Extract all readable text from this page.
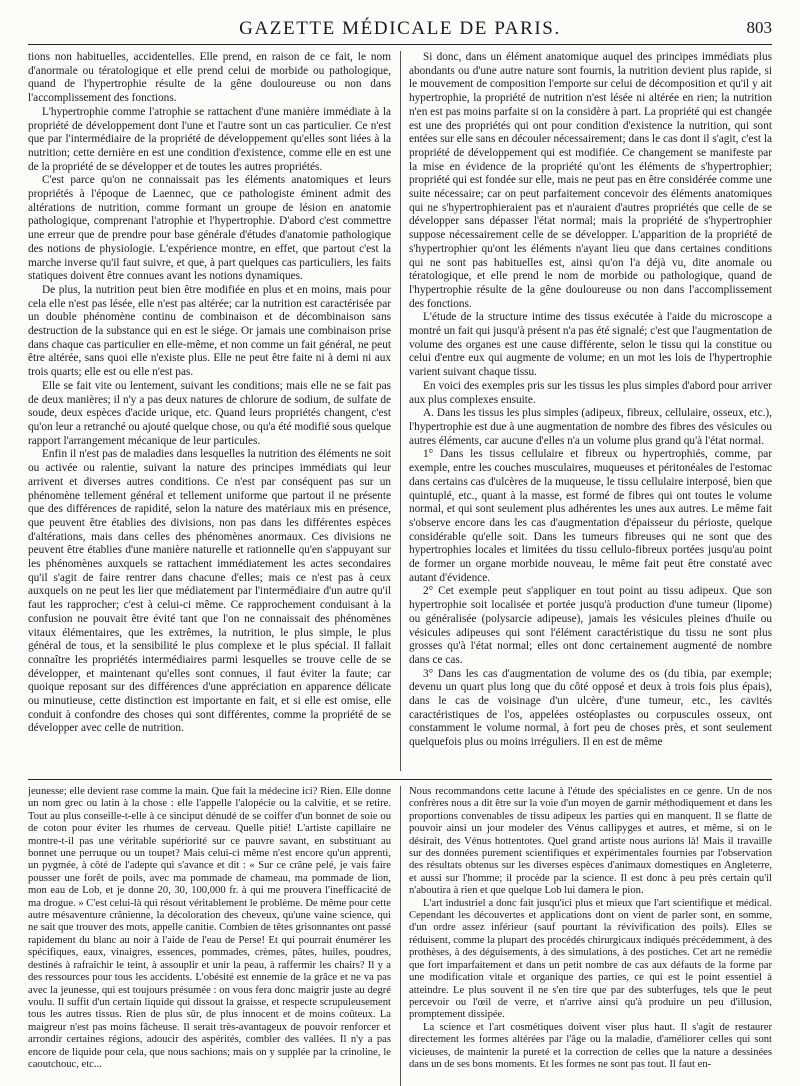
GAZETTE MÉDICALE DE PARIS.	803

tions non habituelles, accidentelles. Elle prend, en raison de ce fait, le nom d'anormale ou tératologique et elle prend celui de morbide ou pathologique, quand de l'hypertrophie résulte de la gêne douloureuse ou non dans l'accomplissement des fonctions.

L'hypertrophie comme l'atrophie se rattachent d'une manière immédiate à la propriété de développement dont l'une et l'autre sont un cas particulier. Ce n'est que par l'intermédiaire de la propriété de développement qu'elles sont liées à la nutrition; cette dernière en est une condition d'existence, comme elle en est une de la propriété de se développer et de toutes les autres propriétés.

C'est parce qu'on ne connaissait pas les éléments anatomiques et leurs propriétés à l'époque de Laennec, que ce pathologiste éminent admit des altérations de nutrition, comme formant un groupe de lésion en anatomie pathologique, comprenant l'atrophie et l'hypertrophie. D'abord c'est commettre une erreur que de prendre pour base générale d'études d'anatomie pathologique des notions de physiologie. L'expérience montre, en effet, que partout c'est la marche inverse qu'il faut suivre, et que, à part quelques cas particuliers, les faits statiques doivent être connues avant les notions dynamiques.

De plus, la nutrition peut bien être modifiée en plus et en moins, mais pour cela elle n'est pas lésée, elle n'est pas altérée; car la nutrition est caractérisée par un double phénomène continu de combinaison et de décombinaison sans destruction de la substance qui en est le siége. Or jamais une combinaison prise dans chaque cas particulier en elle-même, et non comme un fait général, ne peut être altérée, sans quoi elle n'existe plus. Elle ne peut être faite ni à demi ni aux trois quarts; elle est ou elle n'est pas.

Elle se fait vite ou lentement, suivant les conditions; mais elle ne se fait pas de deux manières; il n'y a pas deux natures de chlorure de sodium, de sulfate de soude, deux espèces d'acide urique, etc. Quand leurs propriétés changent, c'est qu'on leur a retranché ou ajouté quelque chose, ou qu'a été modifié sous quelque rapport l'arrangement mécanique de leur particules.

Enfin il n'est pas de maladies dans lesquelles la nutrition des éléments ne soit ou activée ou ralentie, suivant la nature des principes immédiats qui leur arrivent et diverses autres conditions. Ce n'est par conséquent pas sur un phénomène tellement général et tellement uniforme que partout il ne présente que des différences de rapidité, selon la nature des matériaux mis en présence, que peuvent être établies des divisions, non pas dans les différentes espèces d'altérations, mais dans celles des phénomènes anormaux. Ces divisions ne peuvent être établies d'une manière naturelle et rationnelle qu'en s'appuyant sur les phénomènes auxquels se rattachent immédiatement les actes secondaires qu'il s'agit de faire rentrer dans chacune d'elles; mais ce n'est pas à ceux auxquels on ne peut les lier que médiatement par l'intermédiaire d'un autre qu'il faut les rapprocher; c'est à celui-ci même. Ce rapprochement conduisant à la confusion ne pouvait être évité tant que l'on ne connaissait des phénomènes vitaux élémentaires, que les extrêmes, la nutrition, le plus simple, le plus général de tous, et la sensibilité le plus complexe et le plus spécial. Il fallait connaître les propriétés intermédiaires parmi lesquelles se trouve celle de se développer, et maintenant qu'elles sont connues, il faut éviter la faute; car quoique reposant sur des différences d'une appréciation en apparence délicate ou minutieuse, cette distinction est importante en fait, et si elle est omise, elle conduit à confondre des choses qui sont différentes, comme la propriété de se développer avec celle de nutrition.

Si donc, dans un élément anatomique auquel des principes immédiats plus abondants ou d'une autre nature sont fournis, la nutrition devient plus rapide, si le mouvement de composition l'emporte sur celui de décomposition et qu'il y ait hypertrophie, la propriété de nutrition n'est lésée ni altérée en rien; la nutrition n'en est pas moins parfaite si on la considère à part. La propriété qui est changée est une des propriétés qui ont pour condition d'existence la nutrition, qui sont entées sur elle sans en découler nécessairement; dans le cas dont il s'agit, c'est la propriété de développement qui est modifiée. Ce changement se manifeste par la mise en évidence de la propriété qu'ont les éléments de s'hypertrophier; propriété qui est fondée sur elle, mais ne peut pas en être considérée comme une suite nécessaire; car on peut parfaitement concevoir des éléments anatomiques qui ne s'hypertrophieraient pas et n'auraient d'autres propriétés que celle de se développer sans dépasser l'état normal; mais la propriété de s'hypertrophier suppose nécessairement celle de se développer. L'apparition de la propriété de s'hypertrophier qu'ont les éléments n'ayant lieu que dans certaines conditions qui ne sont pas habituelles est, ainsi qu'on l'a déjà vu, dite anomale ou tératologique, et elle prend le nom de morbide ou pathologique, quand de l'hypertrophie résulte de la gêne douloureuse ou non dans l'accomplissement des fonctions.

L'étude de la structure intime des tissus exécutée à l'aide du microscope a montré un fait qui jusqu'à présent n'a pas été signalé; c'est que l'augmentation de volume des organes est une cause différente, selon le tissu qui la constitue ou celui d'entre eux qui augmente de volume; en un mot les lois de l'hypertrophie varient suivant chaque tissu.

En voici des exemples pris sur les tissus les plus simples d'abord pour arriver aux plus complexes ensuite.

A. Dans les tissus les plus simples (adipeux, fibreux, cellulaire, osseux, etc.), l'hypertrophie est due à une augmentation de nombre des fibres des vésicules ou autres éléments, car aucune d'elles n'a un volume plus grand qu'à l'état normal.

1° Dans les tissus cellulaire et fibreux ou hypertrophiés, comme, par exemple, entre les couches musculaires, muqueuses et péritonéales de l'estomac dans certains cas d'ulcères de la muqueuse, le tissu cellulaire interposé, bien que quintuplé, etc., quant à la masse, est formé de fibres qui ont toutes le volume normal, et qui sont seulement plus adhérentes les unes aux autres. Le même fait s'observe encore dans les cas d'augmentation d'épaisseur du périoste, quelque considérable qu'elle soit. Dans les tumeurs fibreuses qui ne sont que des hypertrophies locales et limitées du tissu cellulo-fibreux portées jusqu'au point de former un organe morbide nouveau, le même fait peut être constaté avec autant d'évidence.

2° Cet exemple peut s'appliquer en tout point au tissu adipeux. Que son hypertrophie soit localisée et portée jusqu'à production d'une tumeur (lipome) ou généralisée (polysarcie adipeuse), jamais les vésicules pleines d'huile ou vésicules adipeuses qui sont l'élément caractéristique du tissu ne sont plus grosses qu'à l'état normal; elles ont donc certainement augmenté de nombre dans ce cas.

3° Dans les cas d'augmentation de volume des os (du tibia, par exemple; devenu un quart plus long que du côté opposé et deux à trois fois plus épais), dans le cas de voisinage d'un ulcère, d'une tumeur, etc., les cavités caractéristiques de l'os, appelées ostéoplastes ou corpuscules osseux, ont constamment le volume normal, à fort peu de choses près, et sont seulement quelquefois plus ou moins irréguliers. Il en est de même

jeunesse; elle devient rase comme la main. Que fait la médecine ici? Rien. Elle donne un nom grec ou latin à la chose : elle l'appelle l'alopécie ou la calvitie, et se retire. Tout au plus conseille-t-elle à ce sinciput dénudé de se coiffer d'un bonnet de soie ou de coton pour éviter les rhumes de cerveau. Quelle pitié! L'artiste capillaire ne montre-t-il pas une véritable supériorité sur ce pauvre savant, en substituant au bonnet une perruque ou un toupet? Mais celui-ci même n'est encore qu'un apprenti, un pygmée, à côté de l'adepte qui s'avance et dit : « Sur ce crâne pelé, je vais faire pousser une forêt de poils, avec ma pommade de chameau, ma pommade de lion, mon eau de Lob, et je donne 20, 30, 100,000 fr. à qui me prouvera l'inefficacité de ma drogue. » C'est celui-là qui résout véritablement le problème. De même pour cette autre mésaventure crânienne, la décoloration des cheveux, qu'une vaine science, qui ne sait que trouver des mots, appelle canitie. Combien de têtes grisonnantes ont passé rapidement du blanc au noir à l'aide de l'eau de Perse! Et qui pourrait énumérer les spécifiques, eaux, vinaigres, essences, pommades, crèmes, pâtes, huiles, poudres, destinés à rafraîchir le teint, à assouplir et unir la peau, à raffermir les chairs? Il y a des ressources pour tous les accidents. L'obésité est ennemie de la grâce et ne va pas avec la jeunesse, qui est toujours présumée : on vous fera donc maigrir juste au degré voulu. Il suffit d'un certain liquide qui dissout la graisse, et respecte scrupuleusement tous les autres tissus. Rien de plus sûr, de plus innocent et de moins coûteux. La maigreur n'est pas moins fâcheuse. Il serait très-avantageux de pouvoir renforcer et arrondir certaines régions, adoucir des aspérités, combler des vallées. Il n'y a pas encore de liquide pour cela, que nous sachions; mais on y supplée par la crinoline, le caoutchouc, etc...

Nous recommandons cette lacune à l'étude des spécialistes en ce genre. Un de nos confrères nous a dit être sur la voie d'un moyen de garnir méthodiquement et dans les proportions convenables de tissu adipeux les parties qui en manquent. Il se flatte de pouvoir ainsi un jour modeler des Vénus callipyges et autres, et même, si on le désirait, des Vénus hottentotes. Quel grand artiste nous aurions là! Mais il travaille sur des données purement scientifiques et expérimentales fournies par l'observation des résultats obtenus sur les diverses espèces d'animaux domestiques en Angleterre, et aussi sur l'homme; il procède par la science. Il est donc à peu près certain qu'il n'aboutira à rien et que quelque Lob lui damera le pion.

L'art industriel a donc fait jusqu'ici plus et mieux que l'art scientifique et médical. Cependant les découvertes et applications dont on vient de parler sont, en somme, d'un ordre assez inférieur (sauf pourtant la révivification des poils). Elles se réduisent, comme la plupart des procédés chirurgicaux indiqués précédemment, à des prothèses, à des déguisements, à des simulations, à des postiches. Cet art ne remédie que fort imparfaitement et dans un petit nombre de cas aux défauts de la forme par une modification vitale et organique des parties, ce qui est le point essentiel à atteindre. Le plus souvent il ne s'en tire que par des subterfuges, tels que le peut percevoir ou l'œil de verre, et n'arrive ainsi qu'à produire un peu d'illusion, promptement dissipée.

La science et l'art cosmétiques doivent viser plus haut. Il s'agit de restaurer directement les formes altérées par l'âge ou la maladie, d'améliorer celles qui sont vicieuses, de maintenir la pureté et la correction de celles que la nature a dessinées dans un de ses bons moments. Et les formes ne sont pas tout. Il faut en-
